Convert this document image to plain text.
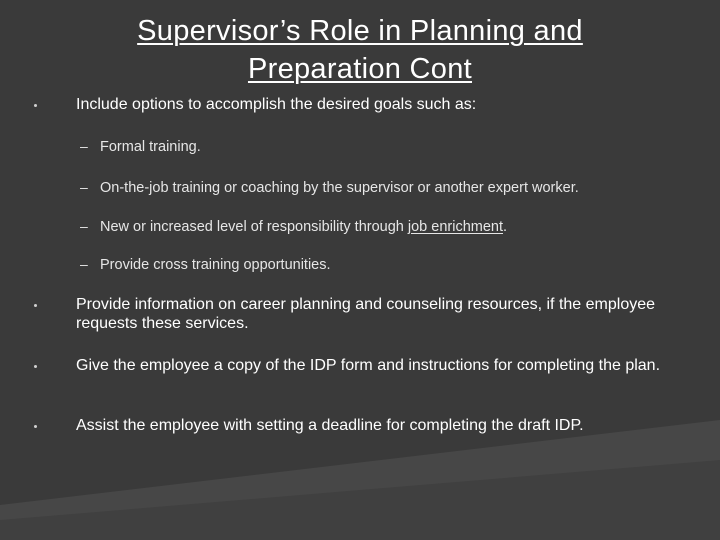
Supervisor’s Role in Planning and Preparation Cont
Include options to accomplish the desired goals such as:
– Formal training.
– On-the-job training or coaching by the supervisor or another expert worker.
– New or increased level of responsibility through job enrichment.
– Provide cross training opportunities.
Provide information on career planning and counseling resources, if the employee requests these services.
Give the employee a copy of the IDP form and instructions for completing the plan.
Assist the employee with setting a deadline for completing the draft IDP.
